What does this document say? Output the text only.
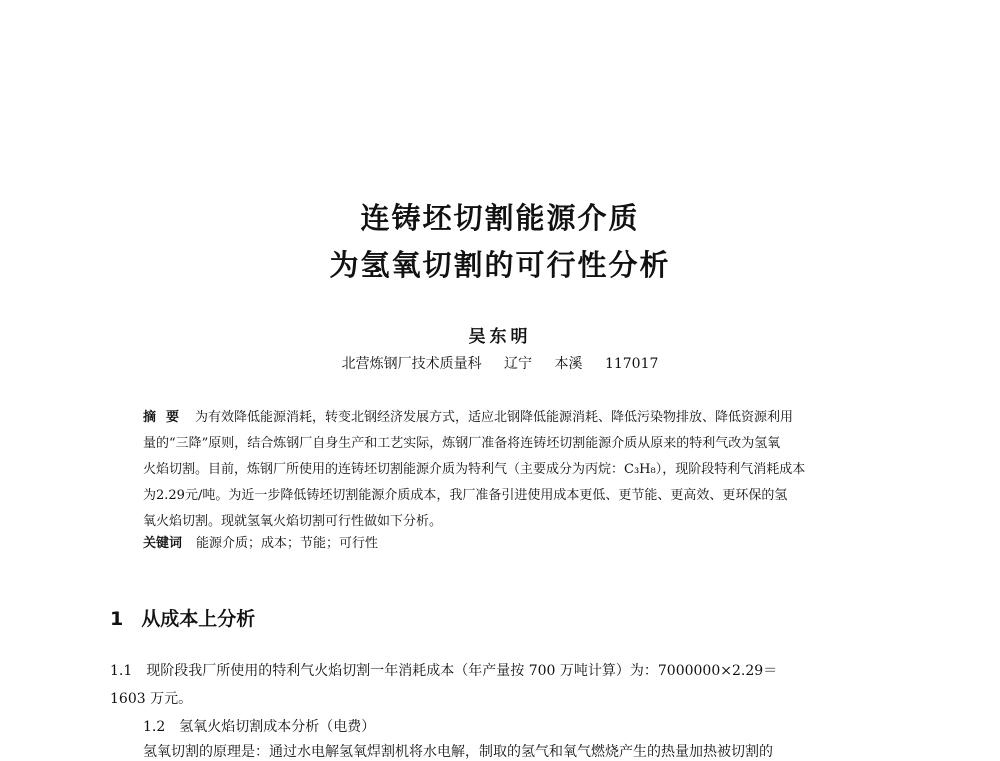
连铸坯切割能源介质
为氢氧切割的可行性分析
吴东明
北营炼钢厂技术质量科 辽宁 本溪 117017
摘要 为有效降低能源消耗，转变北钢经济发展方式，适应北钢降低能源消耗、降低污染物排放、降低资源利用
量的“三降”原则，结合炼钢厂自身生产和工艺实际，炼钢厂准备将连铸坯切割能源介质从原来的特利气改为氢氧
火焰切割。目前，炼钢厂所使用的连铸坯切割能源介质为特利气（主要成分为丙烷：C₃H₈），现阶段特利气消耗成本
为2.29元/吨。为近一步降低铸坯切割能源介质成本，我厂准备引进使用成本更低、更节能、更高效、更环保的氢
氧火焰切割。现就氢氧火焰切割可行性做如下分析。
关键词 能源介质；成本；节能；可行性
1 从成本上分析
1.1　现阶段我厂所使用的特利气火焰切割一年消耗成本（年产量按 700 万吨计算）为：7000000×2.29＝
1603 万元。
1.2　氢氧火焰切割成本分析（电费）
氢氧切割的原理是：通过水电解氢氧焊割机将水电解，制取的氢气和氧气燃烧产生的热量加热被切割的
